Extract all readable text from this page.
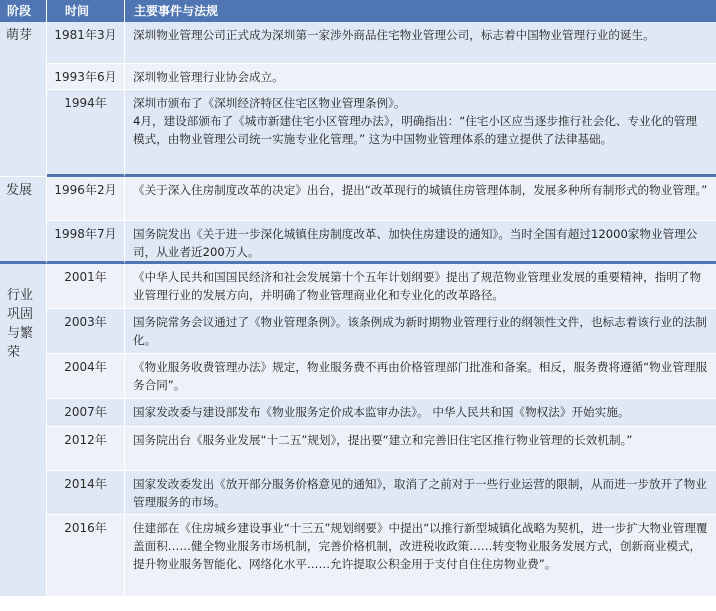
阶段	时间	主要事件与法规
萌芽	1981年3月	深圳物业管理公司正式成为深圳第一家涉外商品住宅物业管理公司，标志着中国物业管理行业的诞生。
1993年6月	深圳物业管理行业协会成立。
1994年	深圳市颁布了《深圳经济特区住宅区物业管理条例》。
4月，建设部颁布了《城市新建住宅小区管理办法》，明确指出：“住宅小区应当逐步推行社会化、专业化的管理模式，由物业管理公司统一实施专业化管理。” 这为中国物业管理体系的建立提供了法律基础。
发展	1996年2月	《关于深入住房制度改革的决定》出台，提出“改革现行的城镇住房管理体制，发展多种所有制形式的物业管理。”
1998年7月	国务院发出《关于进一步深化城镇住房制度改革、加快住房建设的通知》。当时全国有超过12000家物业管理公司，从业者近200万人。
行业巩固与繁荣
2001年	《中华人民共和国国民经济和社会发展第十个五年计划纲要》提出了规范物业管理业发展的重要精神，指明了物业管理行业的发展方向，并明确了物业管理商业化和专业化的改革路径。
2003年	国务院常务会议通过了《物业管理条例》。该条例成为新时期物业管理行业的纲领性文件，也标志着该行业的法制化。
2004年	《物业服务收费管理办法》规定，物业服务费不再由价格管理部门批准和备案。相反，服务费将遵循“物业管理服务合同”。
2007年	国家发改委与建设部发布《物业服务定价成本监审办法》。 中华人民共和国《物权法》开始实施。
2012年	国务院出台《服务业发展“十二五”规划》，提出要“建立和完善旧住宅区推行物业管理的长效机制。”
2014年	国家发改委发出《放开部分服务价格意见的通知》，取消了之前对于一些行业运营的限制，从而进一步放开了物业管理服务的市场。
2016年	住建部在《住房城乡建设事业“十三五”规划纲要》中提出“以推行新型城镇化战略为契机，进一步扩大物业管理覆盖面积……健全物业服务市场机制，完善价格机制，改进税收政策……转变物业服务发展方式，创新商业模式，提升物业服务智能化、网络化水平……允许提取公积金用于支付自住住房物业费”。
